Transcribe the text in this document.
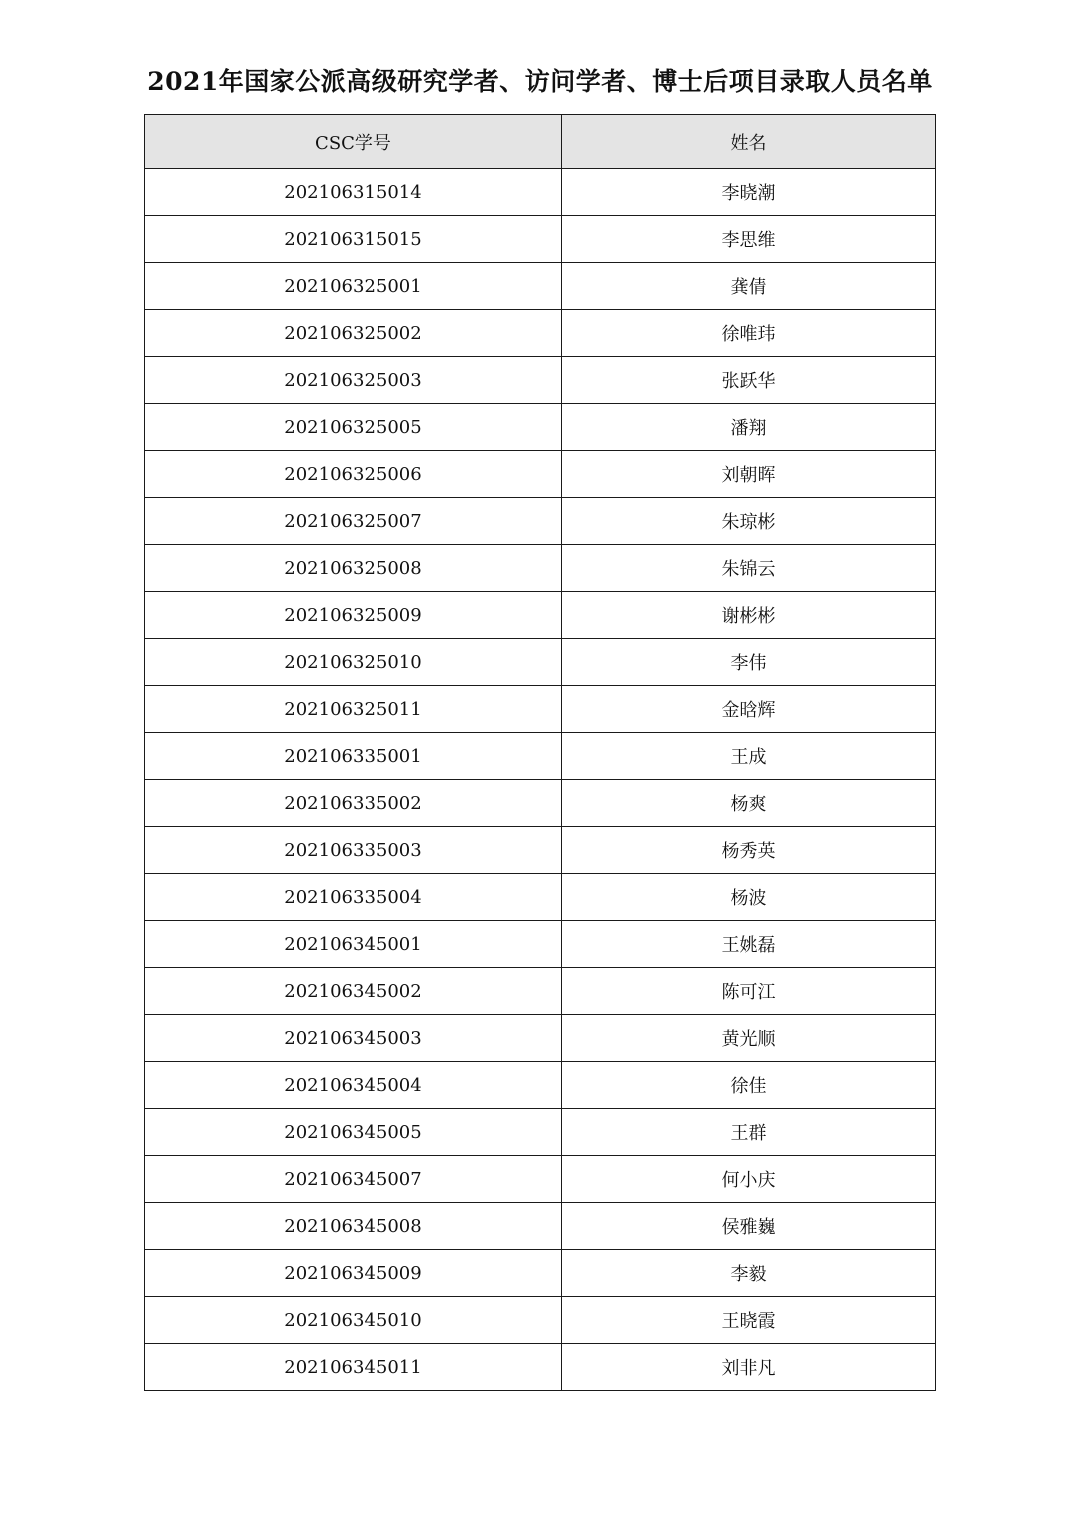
2021年国家公派高级研究学者、访问学者、博士后项目录取人员名单
CSC学号	姓名
202106315014	李晓潮
202106315015	李思维
202106325001	龚倩
202106325002	徐唯玮
202106325003	张跃华
202106325005	潘翔
202106325006	刘朝晖
202106325007	朱琼彬
202106325008	朱锦云
202106325009	谢彬彬
202106325010	李伟
202106325011	金晗辉
202106335001	王成
202106335002	杨爽
202106335003	杨秀英
202106335004	杨波
202106345001	王姚磊
202106345002	陈可江
202106345003	黄光顺
202106345004	徐佳
202106345005	王群
202106345007	何小庆
202106345008	侯雅巍
202106345009	李毅
202106345010	王晓霞
202106345011	刘非凡
